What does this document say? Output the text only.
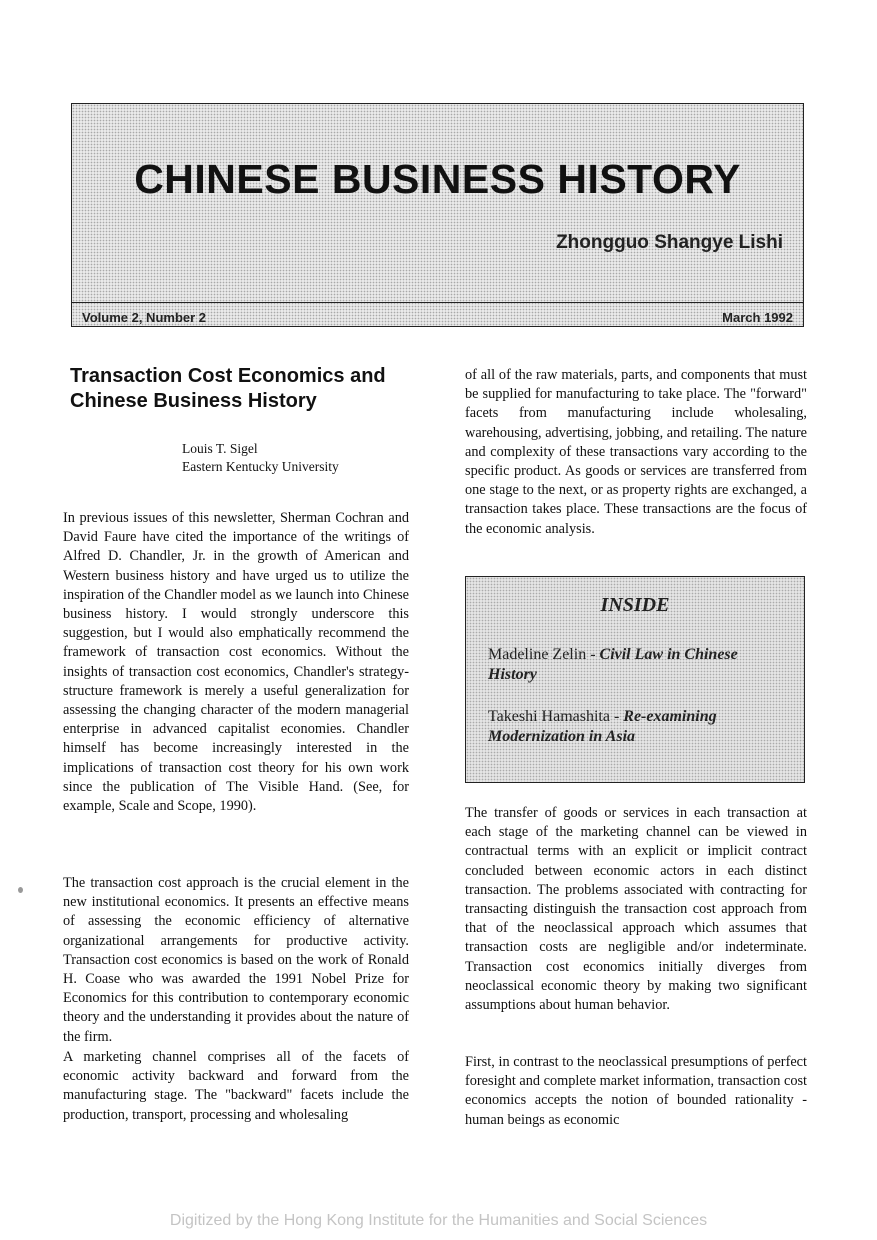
CHINESE BUSINESS HISTORY
Zhongguo Shangye Lishi
Volume 2, Number 2	March 1992
Transaction Cost Economics and Chinese Business History
Louis T. Sigel
Eastern Kentucky University

In previous issues of this newsletter, Sherman Cochran and David Faure have cited the importance of the writings of Alfred D. Chandler, Jr. in the growth of American and Western business history and have urged us to utilize the inspiration of the Chandler model as we launch into Chinese business history. I would strongly underscore this suggestion, but I would also emphatically recommend the framework of transaction cost economics. Without the insights of transaction cost economics, Chandler's strategy-structure framework is merely a useful generalization for assessing the changing character of the modern managerial enterprise in advanced capitalist economies. Chandler himself has become increasingly interested in the implications of transaction cost theory for his own work since the publication of The Visible Hand. (See, for example, Scale and Scope, 1990).

The transaction cost approach is the crucial element in the new institutional economics. It presents an effective means of assessing the economic efficiency of alternative organizational arrangements for productive activity. Transaction cost economics is based on the work of Ronald H. Coase who was awarded the 1991 Nobel Prize for Economics for this contribution to contemporary economic theory and the understanding it provides about the nature of the firm.

A marketing channel comprises all of the facets of economic activity backward and forward from the manufacturing stage. The "backward" facets include the production, transport, processing and wholesaling

of all of the raw materials, parts, and components that must be supplied for manufacturing to take place. The "forward" facets from manufacturing include wholesaling, warehousing, advertising, jobbing, and retailing. The nature and complexity of these transactions vary according to the specific product. As goods or services are transferred from one stage to the next, or as property rights are exchanged, a transaction takes place. These transactions are the focus of the economic analysis.

INSIDE
Madeline Zelin - Civil Law in Chinese History
Takeshi Hamashita - Re-examining Modernization in Asia

The transfer of goods or services in each transaction at each stage of the marketing channel can be viewed in contractual terms with an explicit or implicit contract concluded between economic actors in each distinct transaction. The problems associated with contracting for transacting distinguish the transaction cost approach from that of the neoclassical approach which assumes that transaction costs are negligible and/or indeterminate. Transaction cost economics initially diverges from neoclassical economic theory by making two significant assumptions about human behavior.

First, in contrast to the neoclassical presumptions of perfect foresight and complete market information, transaction cost economics accepts the notion of bounded rationality - human beings as economic

Digitized by the Hong Kong Institute for the Humanities and Social Sciences
